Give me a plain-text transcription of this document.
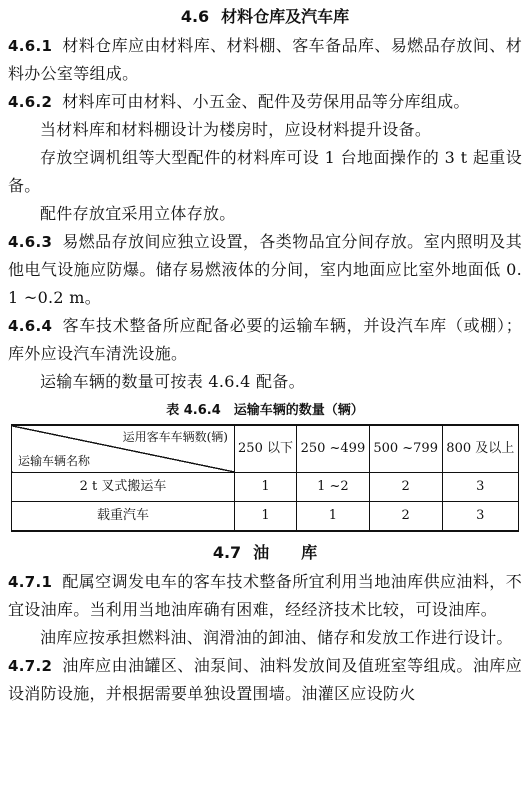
4.6 材料仓库及汽车库

4.6.1 材料仓库应由材料库、材料棚、客车备品库、易燃品存放间、材料办公室等组成。

4.6.2 材料库可由材料、小五金、配件及劳保用品等分库组成。

当材料库和材料棚设计为楼房时，应设材料提升设备。

存放空调机组等大型配件的材料库可设 1 台地面操作的 3 t 起重设备。

配件存放宜采用立体存放。

4.6.3 易燃品存放间应独立设置，各类物品宜分间存放。室内照明及其他电气设施应防爆。储存易燃液体的分间，室内地面应比室外地面低 0.1 ~0.2 m。

4.6.4 客车技术整备所应配备必要的运输车辆，并设汽车库（或棚）；库外应设汽车清洗设施。

运输车辆的数量可按表 4.6.4 配备。

表 4.6.4　运输车辆的数量（辆）
运用客车车辆数(辆)
运输车辆名称	250 以下	250 ~499	500 ~799	800 及以上
2 t 叉式搬运车	1	1 ~2	2	3
载重汽车	1	1	2	3
4.7 油　　库

4.7.1 配属空调发电车的客车技术整备所宜利用当地油库供应油料，不宜设油库。当利用当地油库确有困难，经经济技术比较，可设油库。

油库应按承担燃料油、润滑油的卸油、储存和发放工作进行设计。

4.7.2 油库应由油罐区、油泵间、油料发放间及值班室等组成。油库应设消防设施，并根据需要单独设置围墙。油灌区应设防火
